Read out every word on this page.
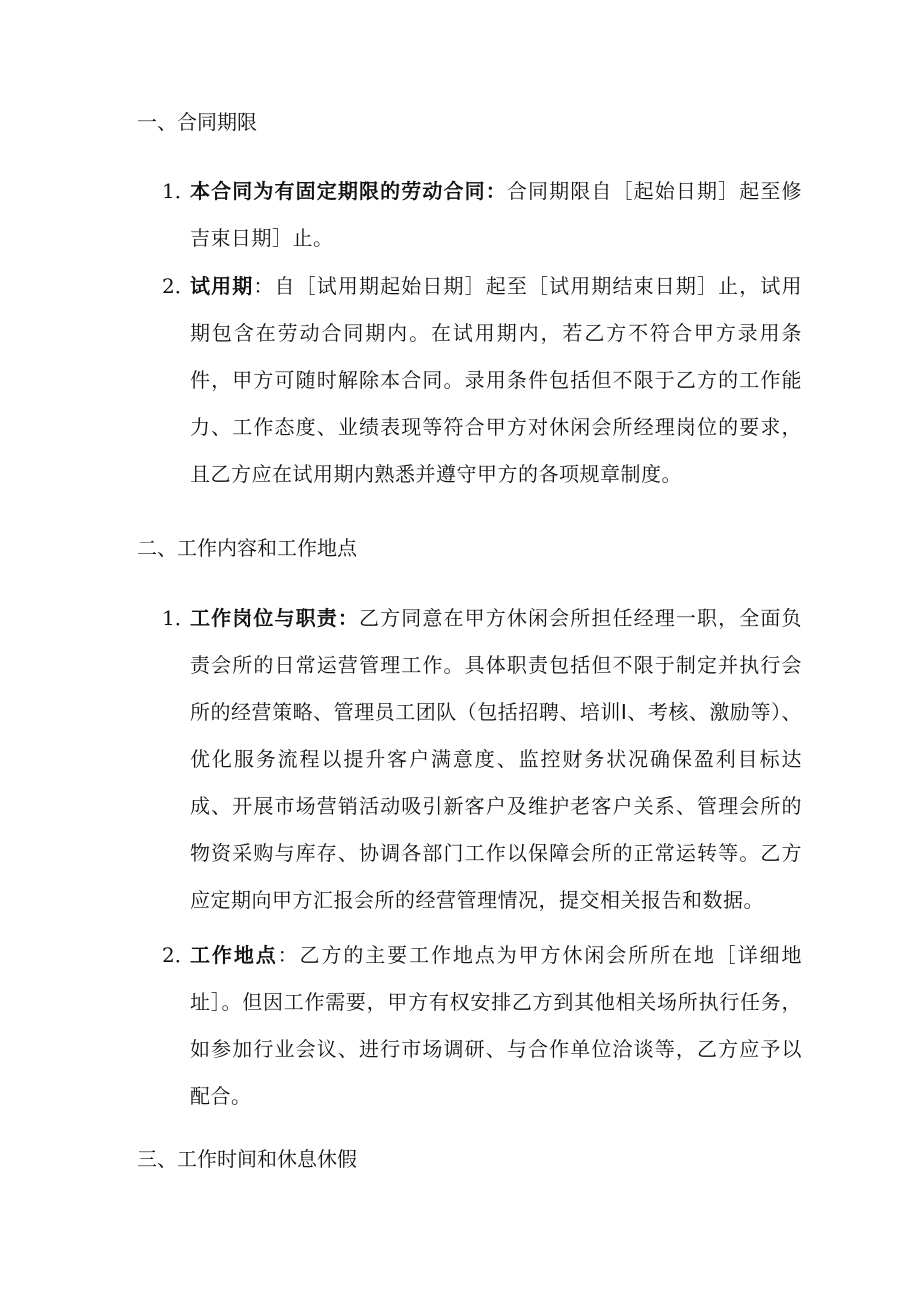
一、合同期限
1．
本合同为有固定期限的劳动合同：合同期限自［起始日期］起至修吉束日期］止。
2．
试用期：自［试用期起始日期］起至［试用期结束日期］止，试用期包含在劳动合同期内。在试用期内，若乙方不符合甲方录用条件，甲方可随时解除本合同。录用条件包括但不限于乙方的工作能力、工作态度、业绩表现等符合甲方对休闲会所经理岗位的要求，且乙方应在试用期内熟悉并遵守甲方的各项规章制度。
二、工作内容和工作地点
1．
工作岗位与职责：乙方同意在甲方休闲会所担任经理一职，全面负责会所的日常运营管理工作。具体职责包括但不限于制定并执行会所的经营策略、管理员工团队（包括招聘、培训I、考核、激励等）、优化服务流程以提升客户满意度、监控财务状况确保盈利目标达成、开展市场营销活动吸引新客户及维护老客户关系、管理会所的物资采购与库存、协调各部门工作以保障会所的正常运转等。乙方应定期向甲方汇报会所的经营管理情况，提交相关报告和数据。
2．
工作地点：乙方的主要工作地点为甲方休闲会所所在地［详细地址］。但因工作需要，甲方有权安排乙方到其他相关场所执行任务，如参加行业会议、进行市场调研、与合作单位洽谈等，乙方应予以配合。
三、工作时间和休息休假
